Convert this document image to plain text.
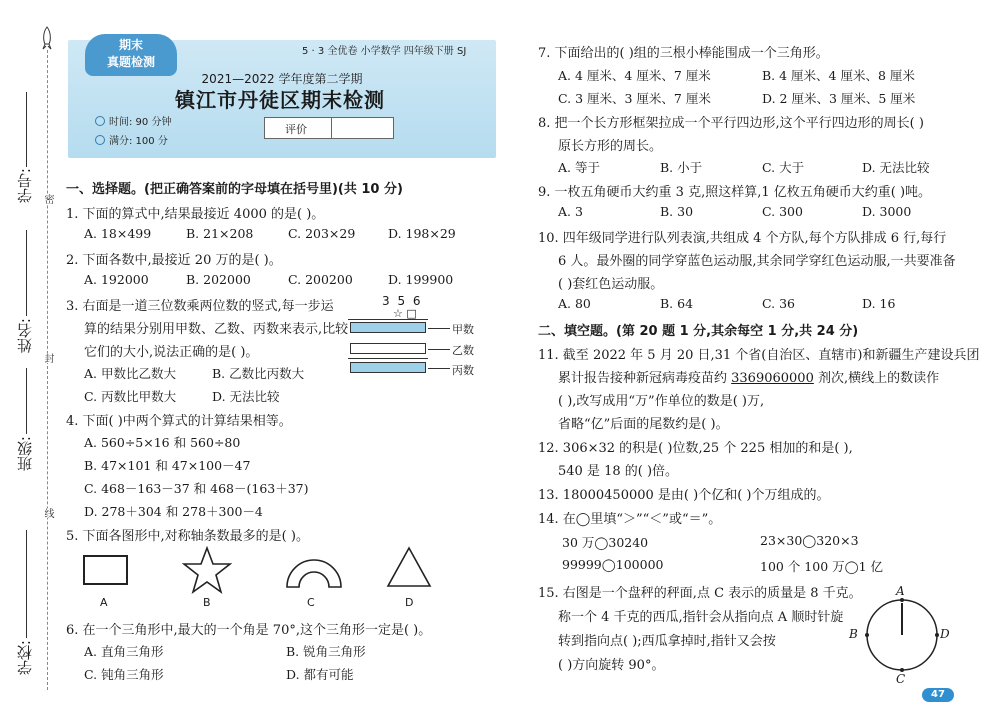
学号:
姓名:
班级:
学校:
密
封
线
期末
真题检测
5 · 3 全优卷 小学数学 四年级下册 SJ
2021—2022 学年度第二学期
镇江市丹徒区期末检测
时间: 90 分钟
满分: 100 分
评价
一、选择题。(把正确答案前的字母填在括号里)(共 10 分)
1. 下面的算式中,结果最接近 4000 的是( )。
A. 18×499	B. 21×208	C. 203×29	D. 198×29
2. 下面各数中,最接近 20 万的是( )。
A. 192000	B. 202000	C. 200200	D. 199900
3. 右面是一道三位数乘两位数的竖式,每一步运
算的结果分别用甲数、乙数、丙数来表示,比较
它们的大小,说法正确的是( )。
A. 甲数比乙数大	B. 乙数比丙数大
C. 丙数比甲数大	D. 无法比较
3 5 6
☆ □
甲数
乙数
丙数
4. 下面( )中两个算式的计算结果相等。
A. 560÷5×16 和 560÷80
B. 47×101 和 47×100－47
C. 468－163－37 和 468－(163＋37)
D. 278＋304 和 278＋300－4
5. 下面各图形中,对称轴条数最多的是( )。
A	B	C	D
6. 在一个三角形中,最大的一个角是 70°,这个三角形一定是( )。
A. 直角三角形	B. 锐角三角形
C. 钝角三角形	D. 都有可能
7. 下面给出的( )组的三根小棒能围成一个三角形。
A. 4 厘米、4 厘米、7 厘米	B. 4 厘米、4 厘米、8 厘米
C. 3 厘米、3 厘米、7 厘米	D. 2 厘米、3 厘米、5 厘米
8. 把一个长方形框架拉成一个平行四边形,这个平行四边形的周长( )
原长方形的周长。
A. 等于	B. 小于	C. 大于	D. 无法比较
9. 一枚五角硬币大约重 3 克,照这样算,1 亿枚五角硬币大约重( )吨。
A. 3	B. 30	C. 300	D. 3000
10. 四年级同学进行队列表演,共组成 4 个方队,每个方队排成 6 行,每行
6 人。最外圈的同学穿蓝色运动服,其余同学穿红色运动服,一共要准备
( )套红色运动服。
A. 80	B. 64	C. 36	D. 16
二、填空题。(第 20 题 1 分,其余每空 1 分,共 24 分)
11. 截至 2022 年 5 月 20 日,31 个省(自治区、直辖市)和新疆生产建设兵团
累计报告接种新冠病毒疫苗约 3369060000 剂次,横线上的数读作
( ),改写成用“万”作单位的数是( )万,
省略“亿”后面的尾数约是( )。
12. 306×32 的积是( )位数,25 个 225 相加的和是( ),
540 是 18 的( )倍。
13. 18000450000 是由( )个亿和( )个万组成的。
14. 在◯里填“＞”“＜”或“＝”。
30 万◯30240	23×30◯320×3
99999◯100000	100 个 100 万◯1 亿
15. 右图是一个盘秤的秤面,点 C 表示的质量是 8 千克。
称一个 4 千克的西瓜,指针会从指向点 A 顺时针旋
转到指向点( );西瓜拿掉时,指针又会按
( )方向旋转 90°。
A
D
C
B
47
